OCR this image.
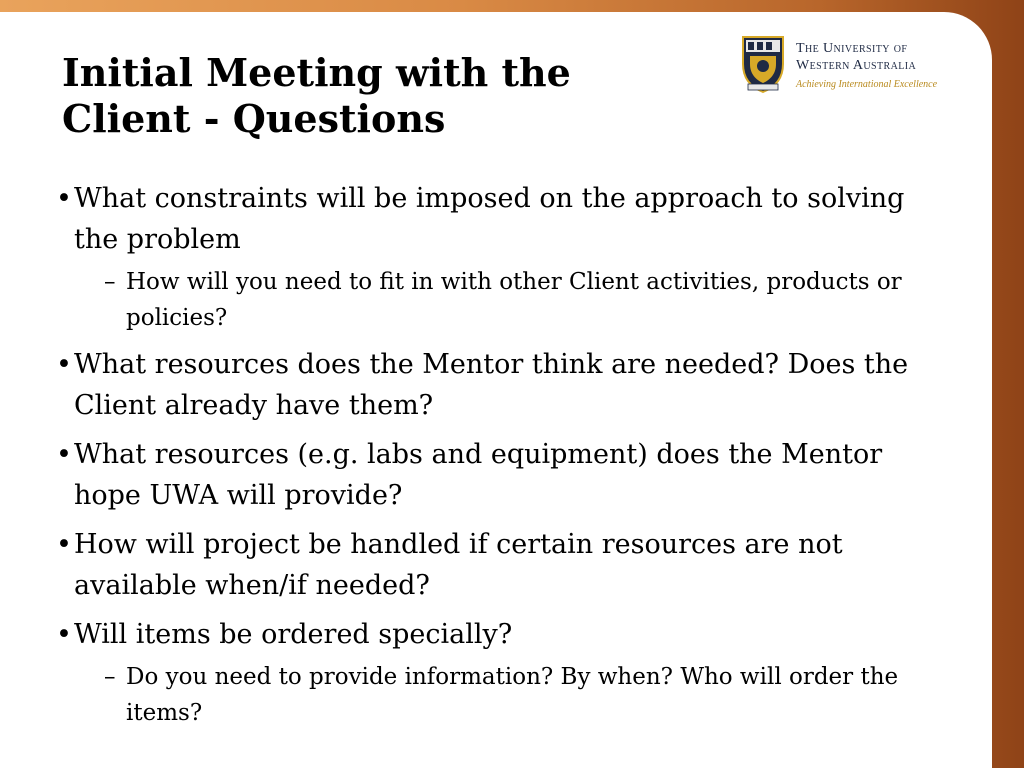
Initial Meeting with the
Client - Questions
The University of
Western Australia
Achieving International Excellence
• What constraints will be imposed on the approach to solving the problem
– How will you need to fit in with other Client activities, products or policies?
• What resources does the Mentor think are needed? Does the Client already have them?
• What resources (e.g. labs and equipment) does the Mentor hope UWA will provide?
• How will project be handled if certain resources are not available when/if needed?
• Will items be ordered specially?
– Do you need to provide information? By when? Who will order the items?
